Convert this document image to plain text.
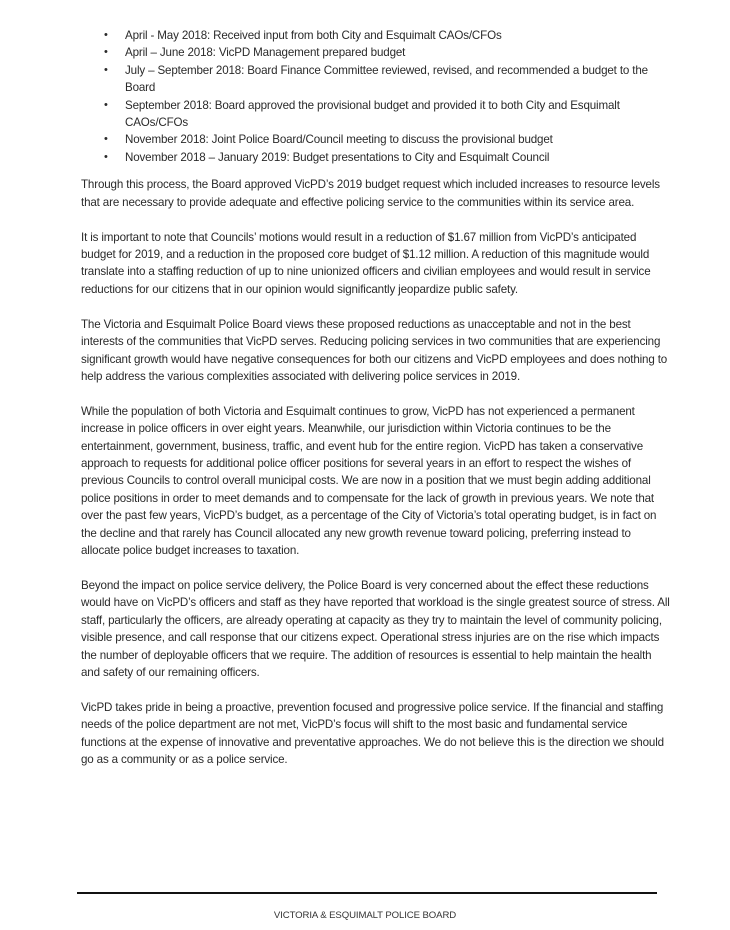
• April - May 2018: Received input from both City and Esquimalt CAOs/CFOs
• April – June 2018: VicPD Management prepared budget
• July – September 2018: Board Finance Committee reviewed, revised, and recommended a budget to the Board
• September 2018: Board approved the provisional budget and provided it to both City and Esquimalt CAOs/CFOs
• November 2018: Joint Police Board/Council meeting to discuss the provisional budget
• November 2018 – January 2019: Budget presentations to City and Esquimalt Council

Through this process, the Board approved VicPD’s 2019 budget request which included increases to resource levels that are necessary to provide adequate and effective policing service to the communities within its service area.

It is important to note that Councils’ motions would result in a reduction of $1.67 million from VicPD’s anticipated budget for 2019, and a reduction in the proposed core budget of $1.12 million. A reduction of this magnitude would translate into a staffing reduction of up to nine unionized officers and civilian employees and would result in service reductions for our citizens that in our opinion would significantly jeopardize public safety.

The Victoria and Esquimalt Police Board views these proposed reductions as unacceptable and not in the best interests of the communities that VicPD serves. Reducing policing services in two communities that are experiencing significant growth would have negative consequences for both our citizens and VicPD employees and does nothing to help address the various complexities associated with delivering police services in 2019.

While the population of both Victoria and Esquimalt continues to grow, VicPD has not experienced a permanent increase in police officers in over eight years. Meanwhile, our jurisdiction within Victoria continues to be the entertainment, government, business, traffic, and event hub for the entire region. VicPD has taken a conservative approach to requests for additional police officer positions for several years in an effort to respect the wishes of previous Councils to control overall municipal costs. We are now in a position that we must begin adding additional police positions in order to meet demands and to compensate for the lack of growth in previous years. We note that over the past few years, VicPD’s budget, as a percentage of the City of Victoria’s total operating budget, is in fact on the decline and that rarely has Council allocated any new growth revenue toward policing, preferring instead to allocate police budget increases to taxation.

Beyond the impact on police service delivery, the Police Board is very concerned about the effect these reductions would have on VicPD’s officers and staff as they have reported that workload is the single greatest source of stress. All staff, particularly the officers, are already operating at capacity as they try to maintain the level of community policing, visible presence, and call response that our citizens expect. Operational stress injuries are on the rise which impacts the number of deployable officers that we require. The addition of resources is essential to help maintain the health and safety of our remaining officers.

VicPD takes pride in being a proactive, prevention focused and progressive police service. If the financial and staffing needs of the police department are not met, VicPD’s focus will shift to the most basic and fundamental service functions at the expense of innovative and preventative approaches. We do not believe this is the direction we should go as a community or as a police service.

VICTORIA & ESQUIMALT POLICE BOARD
